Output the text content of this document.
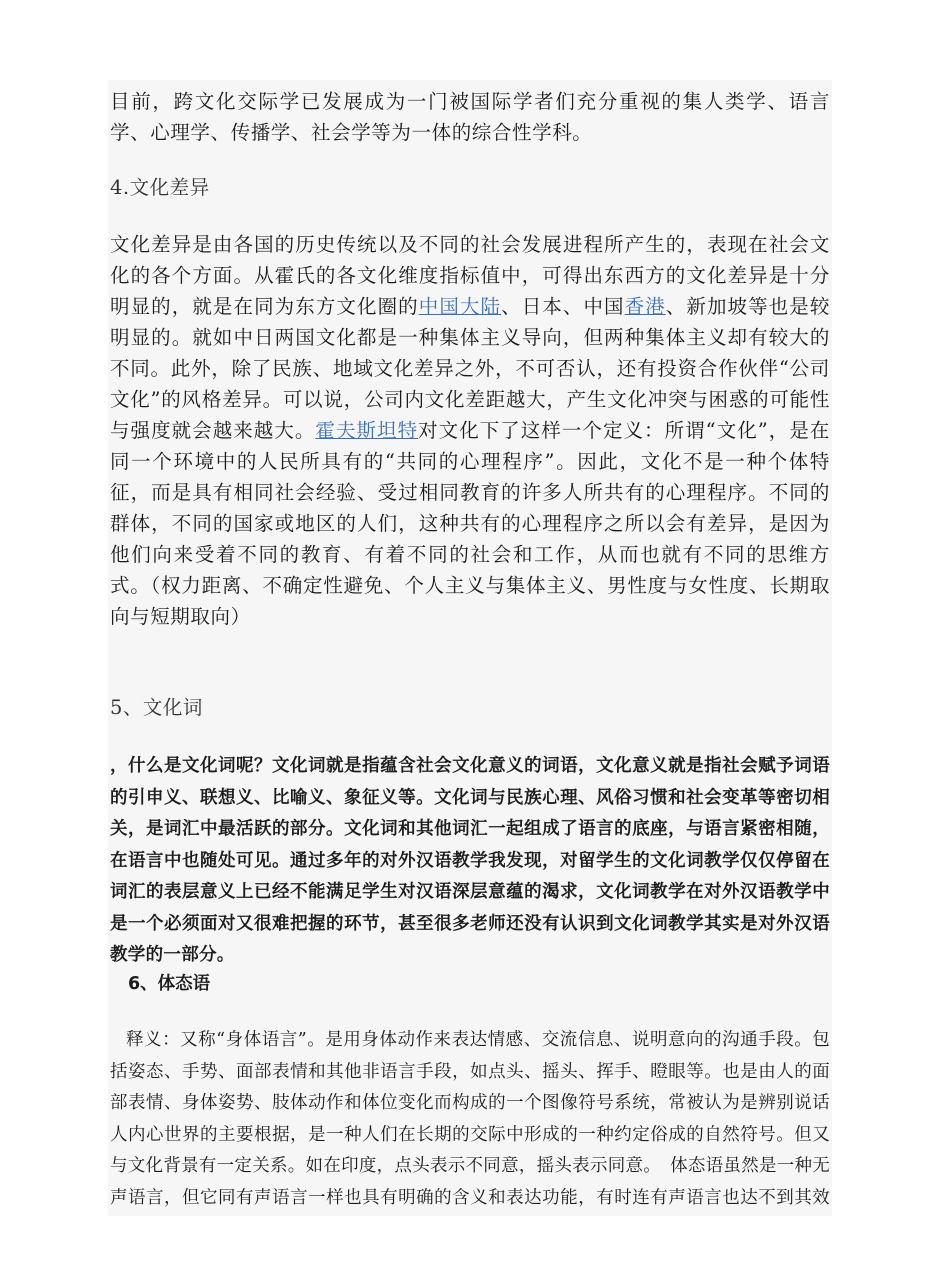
目前，跨文化交际学已发展成为一门被国际学者们充分重视的集人类学、语言学、心理学、传播学、社会学等为一体的综合性学科。

4.文化差异

文化差异是由各国的历史传统以及不同的社会发展进程所产生的，表现在社会文化的各个方面。从霍氏的各文化维度指标值中，可得出东西方的文化差异是十分明显的，就是在同为东方文化圈的中国大陆、日本、中国香港、新加坡等也是较明显的。就如中日两国文化都是一种集体主义导向，但两种集体主义却有较大的不同。此外，除了民族、地域文化差异之外，不可否认，还有投资合作伙伴“公司文化”的风格差异。可以说，公司内文化差距越大，产生文化冲突与困惑的可能性与强度就会越来越大。霍夫斯坦特对文化下了这样一个定义：所谓“文化”，是在同一个环境中的人民所具有的“共同的心理程序”。因此，文化不是一种个体特征，而是具有相同社会经验、受过相同教育的许多人所共有的心理程序。不同的群体，不同的国家或地区的人们，这种共有的心理程序之所以会有差异，是因为他们向来受着不同的教育、有着不同的社会和工作，从而也就有不同的思维方式。（权力距离、不确定性避免、个人主义与集体主义、男性度与女性度、长期取向与短期取向）

5、文化词

，什么是文化词呢？文化词就是指蕴含社会文化意义的词语，文化意义就是指社会赋予词语的引申义、联想义、比喻义、象征义等。文化词与民族心理、风俗习惯和社会变革等密切相关，是词汇中最活跃的部分。文化词和其他词汇一起组成了语言的底座，与语言紧密相随，在语言中也随处可见。通过多年的对外汉语教学我发现，对留学生的文化词教学仅仅停留在词汇的表层意义上已经不能满足学生对汉语深层意蕴的渴求，文化词教学在对外汉语教学中是一个必须面对又很难把握的环节，甚至很多老师还没有认识到文化词教学其实是对外汉语教学的一部分。

6、体态语

释义：又称“身体语言”。是用身体动作来表达情感、交流信息、说明意向的沟通手段。包括姿态、手势、面部表情和其他非语言手段，如点头、摇头、挥手、瞪眼等。也是由人的面部表情、身体姿势、肢体动作和体位变化而构成的一个图像符号系统，常被认为是辨别说话人内心世界的主要根据，是一种人们在长期的交际中形成的一种约定俗成的自然符号。但又与文化背景有一定关系。如在印度，点头表示不同意，摇头表示同意。　体态语虽然是一种无声语言，但它同有声语言一样也具有明确的含义和表达功能，有时连有声语言也达不到其效
